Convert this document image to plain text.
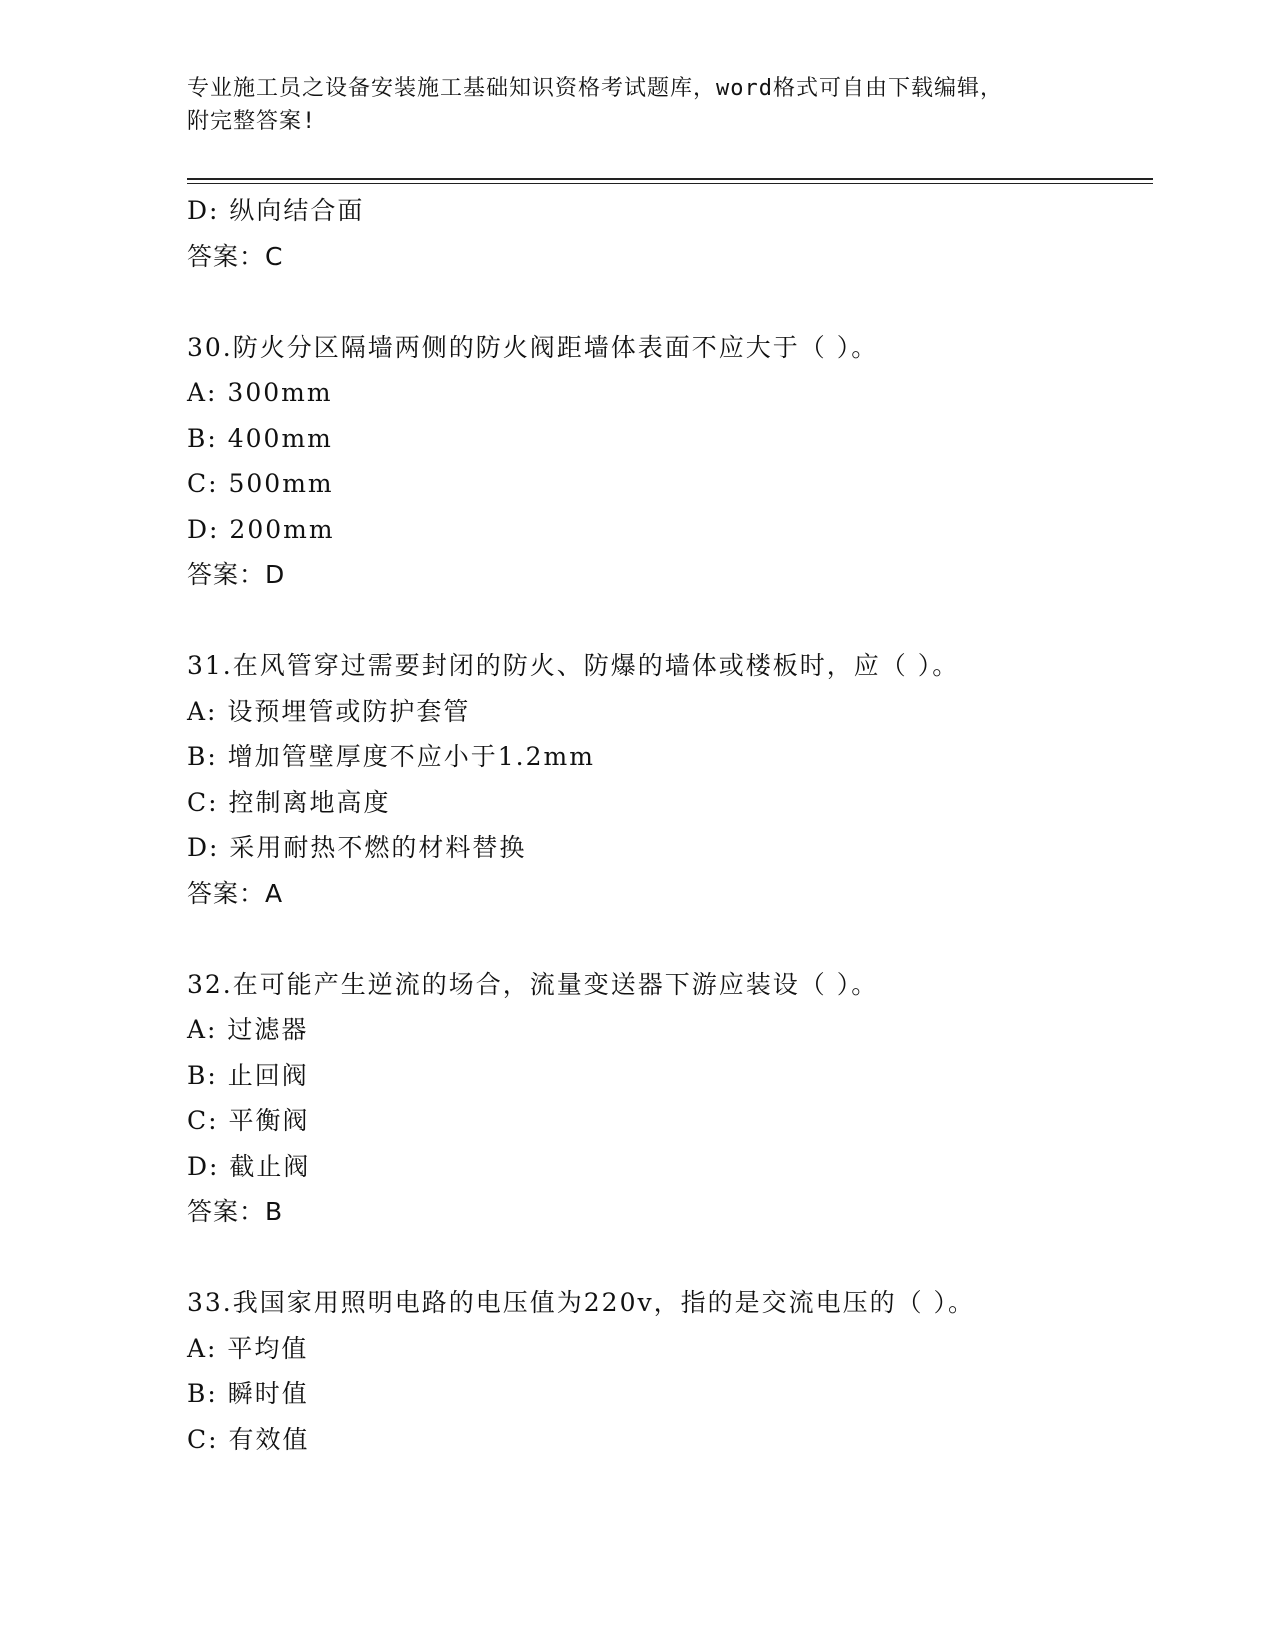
专业施工员之设备安装施工基础知识资格考试题库，word格式可自由下载编辑，
附完整答案!
D: 纵向结合面
答案：C
30.防火分区隔墙两侧的防火阀距墙体表面不应大于（ ）。
A: 300mm
B: 400mm
C: 500mm
D: 200mm
答案：D
31.在风管穿过需要封闭的防火、防爆的墙体或楼板时，应（ ）。
A: 设预埋管或防护套管
B: 增加管壁厚度不应小于1.2mm
C: 控制离地高度
D: 采用耐热不燃的材料替换
答案：A
32.在可能产生逆流的场合，流量变送器下游应装设（ ）。
A: 过滤器
B: 止回阀
C: 平衡阀
D: 截止阀
答案：B
33.我国家用照明电路的电压值为220v，指的是交流电压的（ ）。
A: 平均值
B: 瞬时值
C: 有效值
